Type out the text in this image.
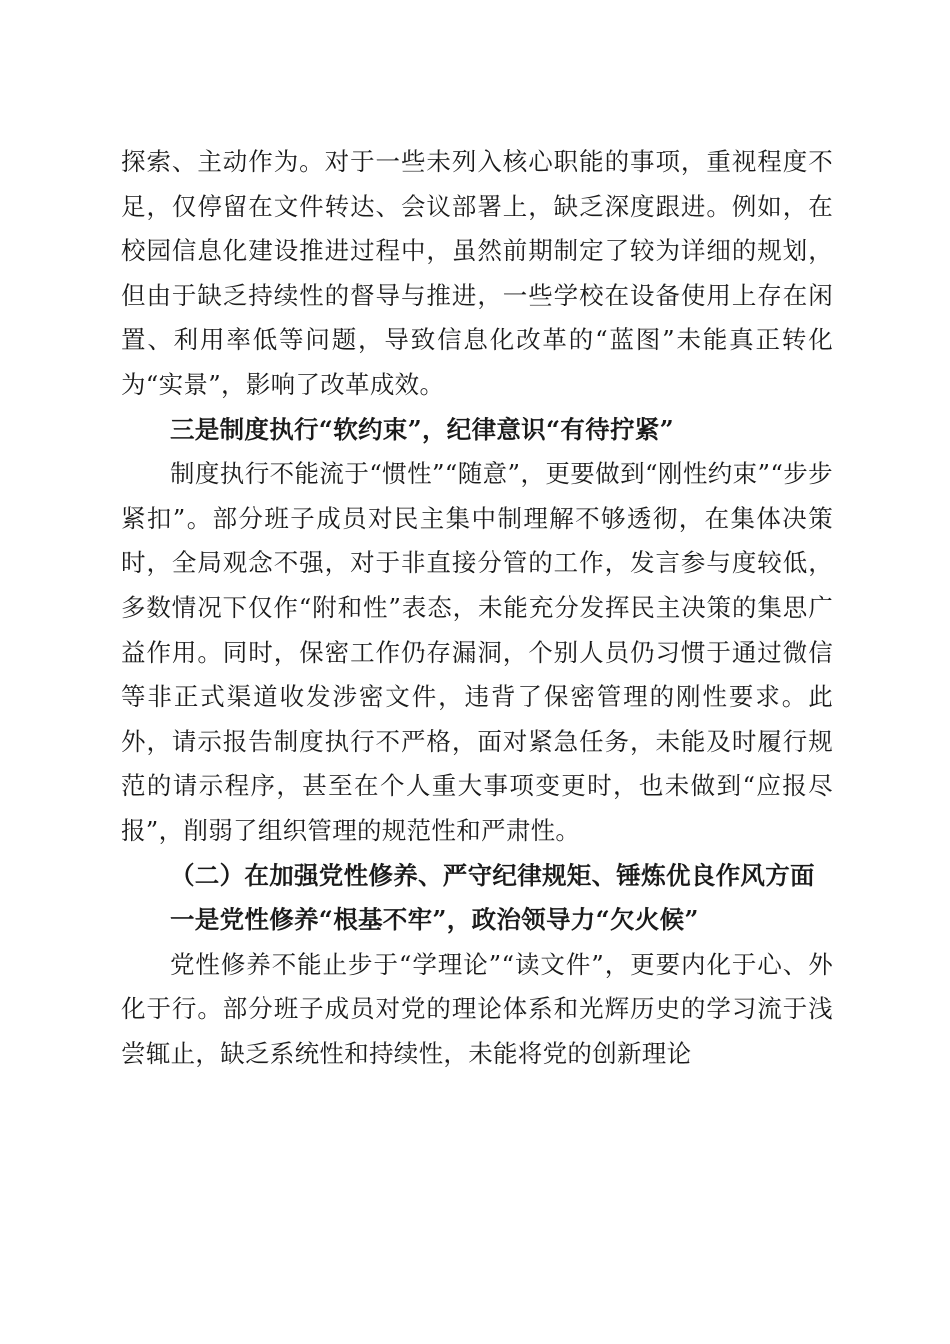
探索、主动作为。对于一些未列入核心职能的事项，重视程度不足，仅停留在文件转达、会议部署上，缺乏深度跟进。例如，在校园信息化建设推进过程中，虽然前期制定了较为详细的规划，但由于缺乏持续性的督导与推进，一些学校在设备使用上存在闲置、利用率低等问题，导致信息化改革的“蓝图”未能真正转化为“实景”，影响了改革成效。

三是制度执行“软约束”，纪律意识“有待拧紧”

制度执行不能流于“惯性”“随意”，更要做到“刚性约束”“步步紧扣”。部分班子成员对民主集中制理解不够透彻，在集体决策时，全局观念不强，对于非直接分管的工作，发言参与度较低，多数情况下仅作“附和性”表态，未能充分发挥民主决策的集思广益作用。同时，保密工作仍存漏洞，个别人员仍习惯于通过微信等非正式渠道收发涉密文件，违背了保密管理的刚性要求。此外，请示报告制度执行不严格，面对紧急任务，未能及时履行规范的请示程序，甚至在个人重大事项变更时，也未做到“应报尽报”，削弱了组织管理的规范性和严肃性。

（二）在加强党性修养、严守纪律规矩、锤炼优良作风方面

一是党性修养“根基不牢”，政治领导力“欠火候”

党性修养不能止步于“学理论”“读文件”，更要内化于心、外化于行。部分班子成员对党的理论体系和光辉历史的学习流于浅尝辄止，缺乏系统性和持续性，未能将党的创新理论
